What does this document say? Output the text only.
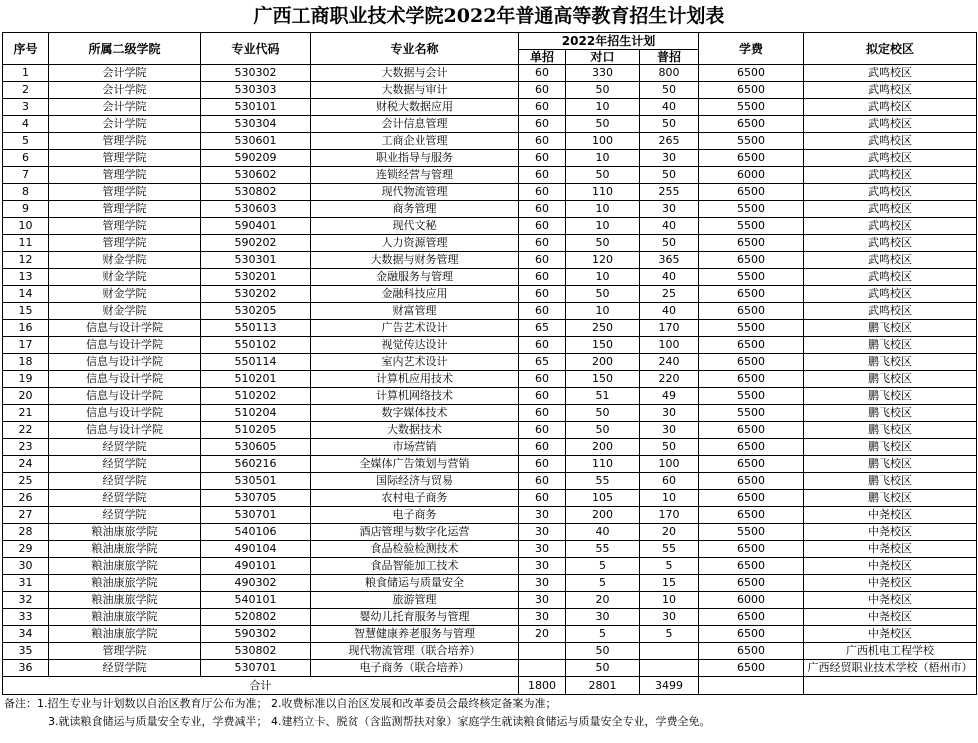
广西工商职业技术学院2022年普通高等教育招生计划表
序号	所属二级学院	专业代码	专业名称	2022年招生计划			学费	拟定校区
				单招	对口	普招		
1	会计学院	530302	大数据与会计	60	330	800	6500	武鸣校区
2	会计学院	530303	大数据与审计	60	50	50	6500	武鸣校区
3	会计学院	530101	财税大数据应用	60	10	40	5500	武鸣校区
4	会计学院	530304	会计信息管理	60	50	50	6500	武鸣校区
5	管理学院	530601	工商企业管理	60	100	265	5500	武鸣校区
6	管理学院	590209	职业指导与服务	60	10	30	6500	武鸣校区
7	管理学院	530602	连锁经营与管理	60	50	50	6000	武鸣校区
8	管理学院	530802	现代物流管理	60	110	255	6500	武鸣校区
9	管理学院	530603	商务管理	60	10	30	5500	武鸣校区
10	管理学院	590401	现代文秘	60	10	40	5500	武鸣校区
11	管理学院	590202	人力资源管理	60	50	50	6500	武鸣校区
12	财金学院	530301	大数据与财务管理	60	120	365	6500	武鸣校区
13	财金学院	530201	金融服务与管理	60	10	40	5500	武鸣校区
14	财金学院	530202	金融科技应用	60	50	25	6500	武鸣校区
15	财金学院	530205	财富管理	60	10	40	6500	武鸣校区
16	信息与设计学院	550113	广告艺术设计	65	250	170	5500	鹏飞校区
17	信息与设计学院	550102	视觉传达设计	60	150	100	6500	鹏飞校区
18	信息与设计学院	550114	室内艺术设计	65	200	240	6500	鹏飞校区
19	信息与设计学院	510201	计算机应用技术	60	150	220	6500	鹏飞校区
20	信息与设计学院	510202	计算机网络技术	60	51	49	5500	鹏飞校区
21	信息与设计学院	510204	数字媒体技术	60	50	30	5500	鹏飞校区
22	信息与设计学院	510205	大数据技术	60	50	30	6500	鹏飞校区
23	经贸学院	530605	市场营销	60	200	50	6500	鹏飞校区
24	经贸学院	560216	全媒体广告策划与营销	60	110	100	6500	鹏飞校区
25	经贸学院	530501	国际经济与贸易	60	55	60	6500	鹏飞校区
26	经贸学院	530705	农村电子商务	60	105	10	6500	鹏飞校区
27	经贸学院	530701	电子商务	30	200	170	6500	中尧校区
28	粮油康旅学院	540106	酒店管理与数字化运营	30	40	20	5500	中尧校区
29	粮油康旅学院	490104	食品检验检测技术	30	55	55	6500	中尧校区
30	粮油康旅学院	490101	食品智能加工技术	30	5	5	6500	中尧校区
31	粮油康旅学院	490302	粮食储运与质量安全	30	5	15	6500	中尧校区
32	粮油康旅学院	540101	旅游管理	30	20	10	6000	中尧校区
33	粮油康旅学院	520802	婴幼儿托育服务与管理	30	30	30	6500	中尧校区
34	粮油康旅学院	590302	智慧健康养老服务与管理	20	5	5	6500	中尧校区
35	管理学院	530802	现代物流管理（联合培养）		50		6500	广西机电工程学校
36	经贸学院	530701	电子商务（联合培养）		50		6500	广西经贸职业技术学校（梧州市）
合计				1800	2801	3499		
备注：1.招生专业与计划数以自治区教育厅公布为准； 2.收费标准以自治区发展和改革委员会最终核定备案为准；
3.就读粮食储运与质量安全专业，学费减半； 4.建档立卡、脱贫（含监测帮扶对象）家庭学生就读粮食储运与质量安全专业，学费全免。
